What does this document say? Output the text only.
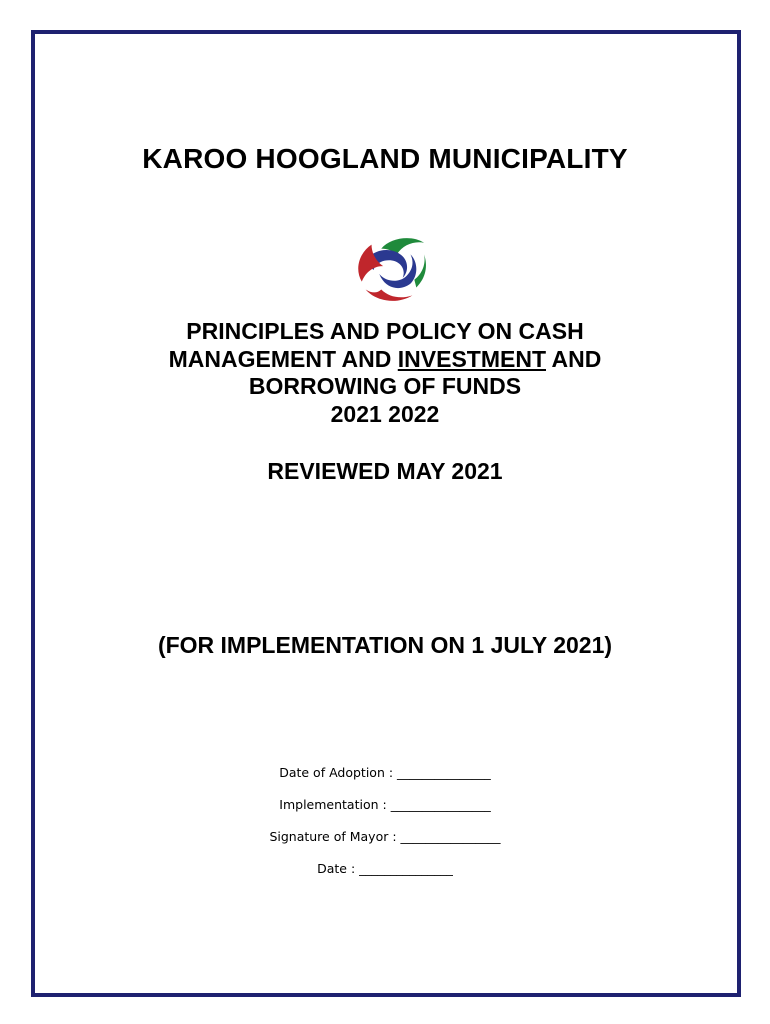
KAROO HOOGLAND MUNICIPALITY
PRINCIPLES AND POLICY ON CASH
MANAGEMENT AND INVESTMENT AND
BORROWING OF FUNDS
2021 2022
REVIEWED MAY 2021
(FOR IMPLEMENTATION ON 1 JULY 2021)
Date of Adoption : _______________
Implementation : ________________
Signature of Mayor : ________________
Date : _______________
